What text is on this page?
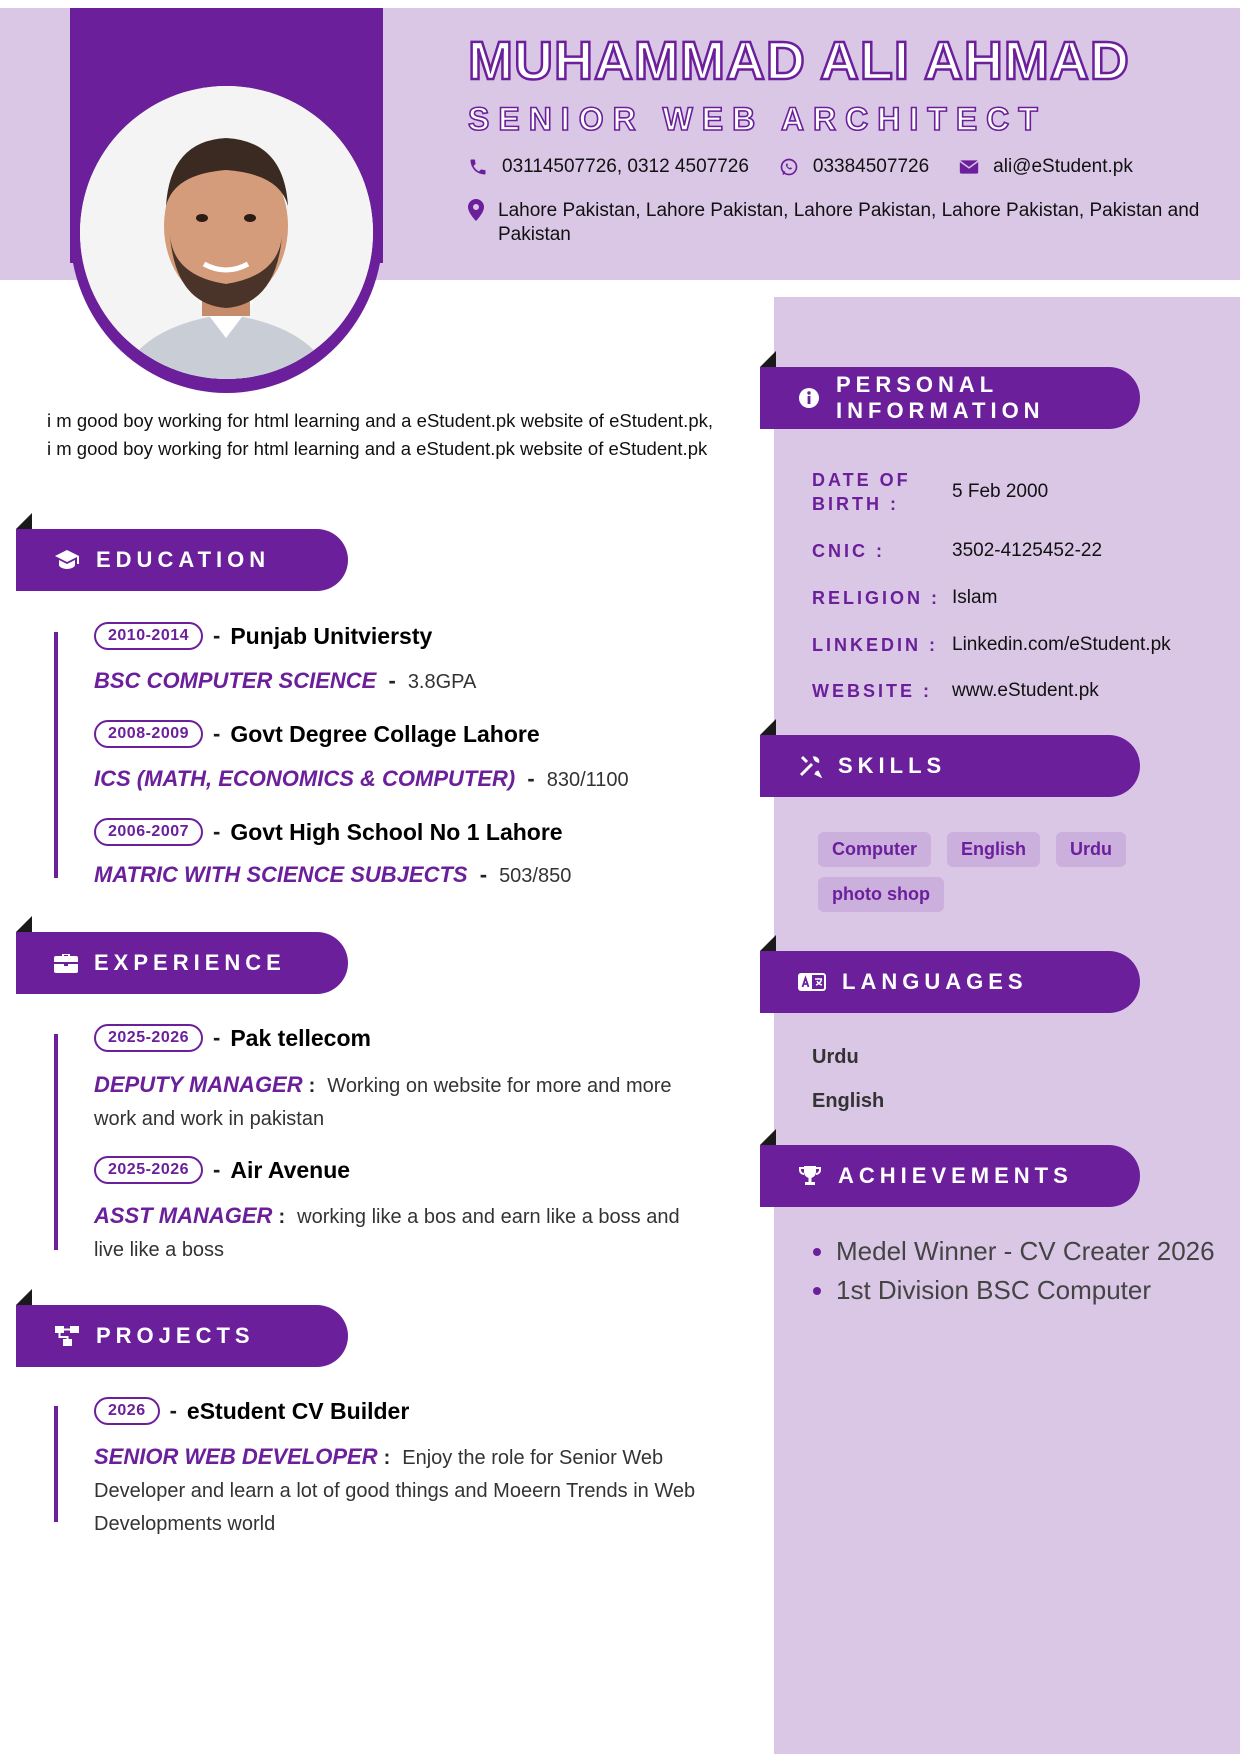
MUHAMMAD ALI AHMAD
SENIOR WEB ARCHITECT
03114507726, 0312 4507726	03384507726	ali@eStudent.pk
Lahore Pakistan, Lahore Pakistan, Lahore Pakistan, Lahore Pakistan, Pakistan and Pakistan
i m good boy working for html learning and a eStudent.pk website of eStudent.pk, i m good boy working for html learning and a eStudent.pk website of eStudent.pk
EDUCATION
2010-2014	- Punjab Unitviersty
BSC COMPUTER SCIENCE - 3.8GPA
2008-2009	- Govt Degree Collage Lahore
ICS (MATH, ECONOMICS & COMPUTER) - 830/1100
2006-2007	- Govt High School No 1 Lahore
MATRIC WITH SCIENCE SUBJECTS - 503/850
EXPERIENCE
2025-2026	- Pak tellecom
DEPUTY MANAGER : Working on website for more and more work and work in pakistan
2025-2026	- Air Avenue
ASST MANAGER : working like a bos and earn like a boss and live like a boss
PROJECTS
2026	- eStudent CV Builder
SENIOR WEB DEVELOPER : Enjoy the role for Senior Web Developer and learn a lot of good things and Moeern Trends in Web Developments world
PERSONAL
INFORMATION
DATE OF BIRTH :
5 Feb 2000
CNIC :	3502-4125452-22
RELIGION : Islam
LINKEDIN : Linkedin.com/eStudent.pk
WEBSITE :	www.eStudent.pk
SKILLS
Computer	English	Urdu
photo shop
LANGUAGES
Urdu
English
ACHIEVEMENTS
• Medel Winner - CV Creater 2026
• 1st Division BSC Computer
